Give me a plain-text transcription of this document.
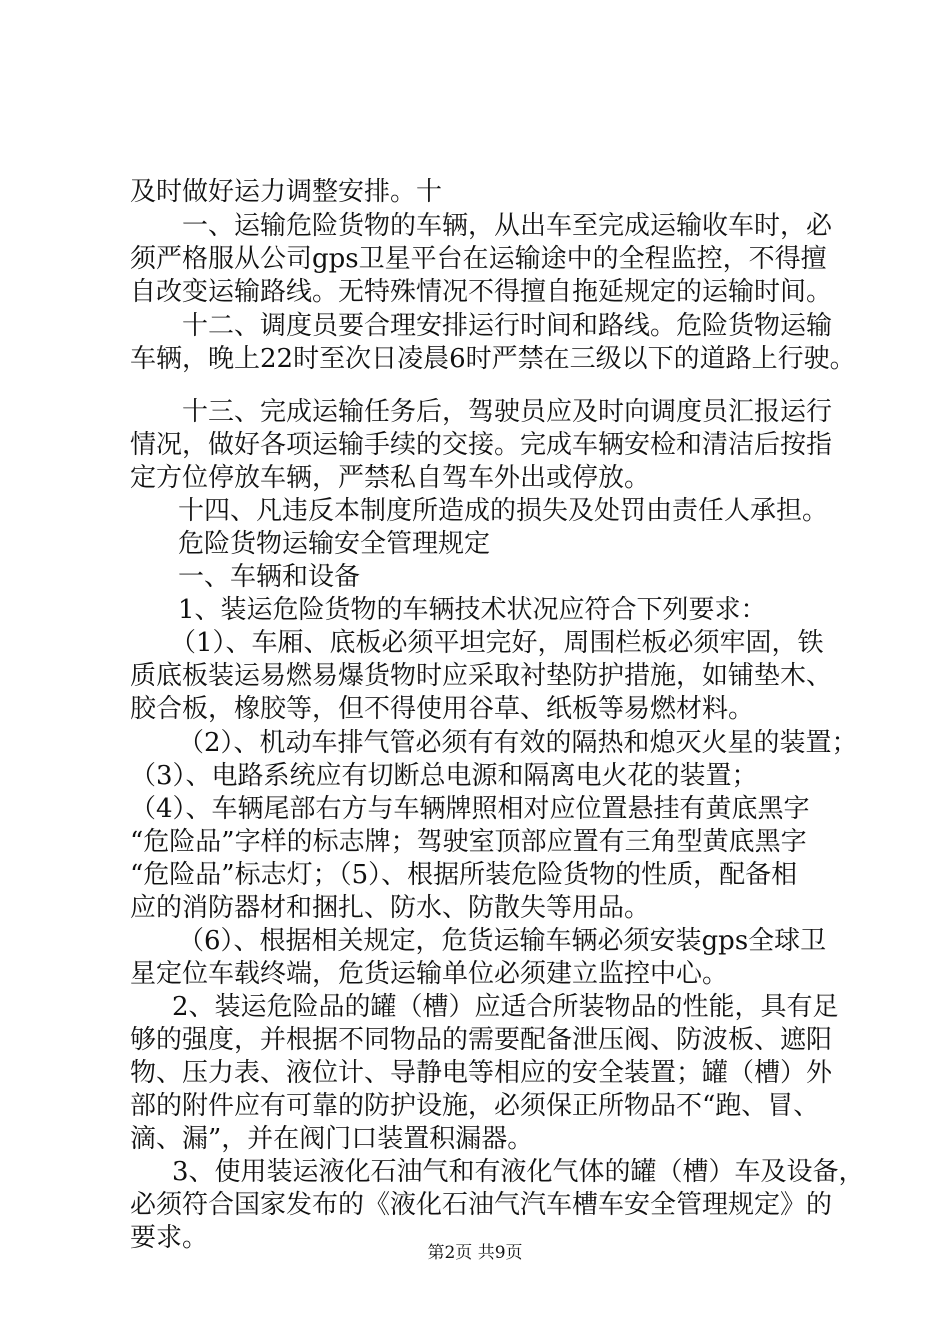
及时做好运力调整安排。十
一、运输危险货物的车辆，从出车至完成运输收车时，必
须严格服从公司gps卫星平台在运输途中的全程监控，不得擅
自改变运输路线。无特殊情况不得擅自拖延规定的运输时间。
十二、调度员要合理安排运行时间和路线。危险货物运输
车辆，晚上22时至次日凌晨6时严禁在三级以下的道路上行驶。
十三、完成运输任务后，驾驶员应及时向调度员汇报运行
情况，做好各项运输手续的交接。完成车辆安检和清洁后按指
定方位停放车辆，严禁私自驾车外出或停放。
十四、凡违反本制度所造成的损失及处罚由责任人承担。
危险货物运输安全管理规定
一、车辆和设备
1、装运危险货物的车辆技术状况应符合下列要求：
（1）、车厢、底板必须平坦完好，周围栏板必须牢固，铁
质底板装运易燃易爆货物时应采取衬垫防护措施，如铺垫木、
胶合板，橡胶等，但不得使用谷草、纸板等易燃材料。
（2）、机动车排气管必须有有效的隔热和熄灭火星的装置；
（3）、电路系统应有切断总电源和隔离电火花的装置；
（4）、车辆尾部右方与车辆牌照相对应位置悬挂有黄底黑字
“危险品”字样的标志牌；驾驶室顶部应置有三角型黄底黑字
“危险品”标志灯；（5）、根据所装危险货物的性质，配备相
应的消防器材和捆扎、防水、防散失等用品。
（6）、根据相关规定，危货运输车辆必须安装gps全球卫
星定位车载终端，危货运输单位必须建立监控中心。
2、装运危险品的罐（槽）应适合所装物品的性能，具有足
够的强度，并根据不同物品的需要配备泄压阀、防波板、遮阳
物、压力表、液位计、导静电等相应的安全装置；罐（槽）外
部的附件应有可靠的防护设施，必须保正所物品不“跑、冒、
滴、漏”，并在阀门口装置积漏器。
3、使用装运液化石油气和有液化气体的罐（槽）车及设备，
必须符合国家发布的《液化石油气汽车槽车安全管理规定》的
要求。	第2页 共9页
